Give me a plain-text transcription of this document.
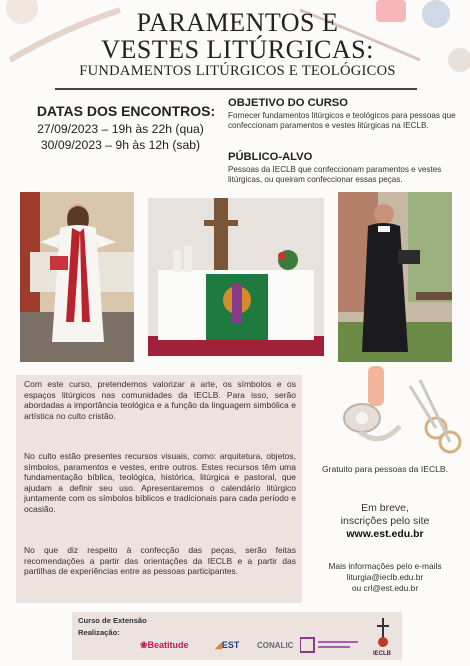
PARAMENTOS E
VESTES LITÚRGICAS:
FUNDAMENTOS LITÚRGICOS E TEOLÓGICOS
DATAS DOS ENCONTROS:
27/09/2023 – 19h às 22h (qua)
30/09/2023 – 9h às 12h (sab)
OBJETIVO DO CURSO
Fornecer fundamentos litúrgicos e teológicos para pessoas que confeccionam paramentos e vestes litúrgicas na IECLB.
PÚBLICO-ALVO
Pessoas da IECLB que confeccionam paramentos e vestes litúrgicas, ou queiram confeccionar essas peças.
Com este curso, pretendemos valorizar a arte, os símbolos e os espaços litúrgicos nas comunidades da IECLB. Para isso, serão abordadas a importância teológica e a função da linguagem simbólica e artística no culto cristão.
No culto estão presentes recursos visuais, como: arquitetura, objetos, símbolos, paramentos e vestes, entre outros. Estes recursos têm uma fundamentação bíblica, teológica, histórica, litúrgica e pastoral, que ajudam a definir seu uso. Apresentaremos o calendário litúrgico juntamente com os símbolos bíblicos e tradicionais para cada período e ocasião.
No que diz respeito à confecção das peças, serão feitas recomendações a partir das orientações da IECLB e a partir das partilhas de experiências entre as pessoas participantes.
Gratuito para pessoas da IECLB.
Em breve,
inscrições pelo site
www.est.edu.br
Mais informações pelo e-mails
liturgia@ieclb.edu.br
ou crl@est.edu.br
Curso de Extensão
Realização:
❀Beatitude	◢EST CONALIC
IECLB
